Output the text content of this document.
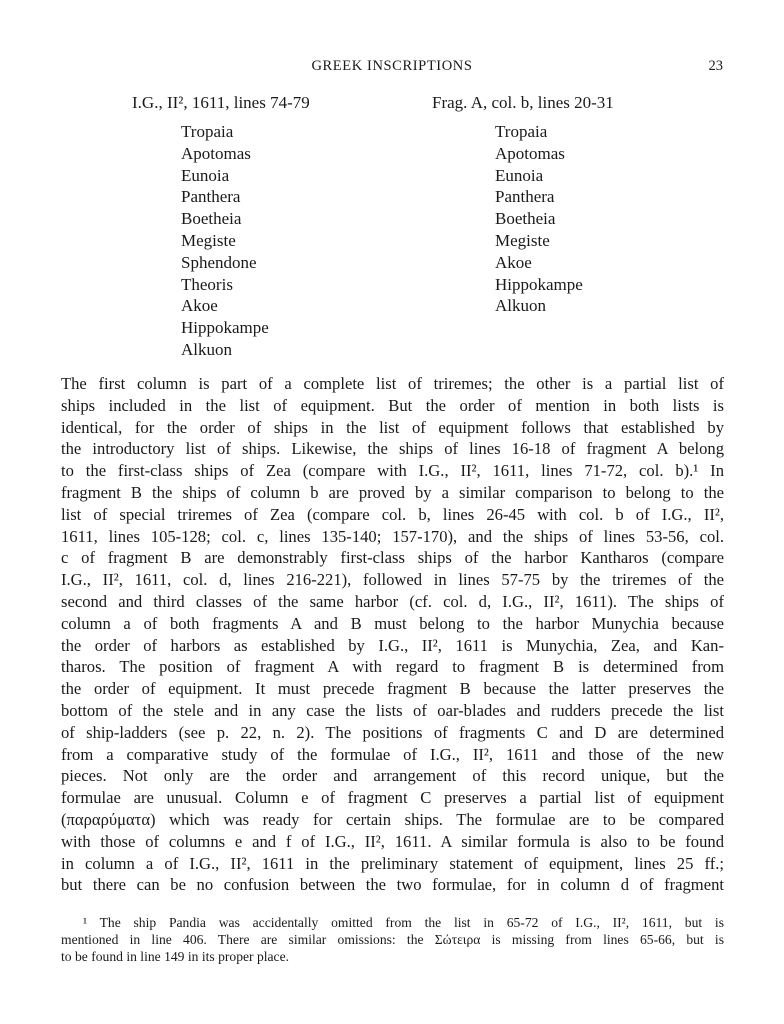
GREEK INSCRIPTIONS	23
I.G., II², 1611, lines 74-79	Frag. A, col. b, lines 20-31
Tropaia
Apotomas
Eunoia
Panthera
Boetheia
Megiste
Sphendone
Theoris
Akoe
Hippokampe
Alkuon
Tropaia
Apotomas
Eunoia
Panthera
Boetheia
Megiste
Akoe
Hippokampe
Alkuon

The first column is part of a complete list of triremes; the other is a partial list of
ships included in the list of equipment. But the order of mention in both lists is
identical, for the order of ships in the list of equipment follows that established by
the introductory list of ships. Likewise, the ships of lines 16-18 of fragment A belong
to the first-class ships of Zea (compare with I.G., II², 1611, lines 71-72, col. b).¹ In
fragment B the ships of column b are proved by a similar comparison to belong to the
list of special triremes of Zea (compare col. b, lines 26-45 with col. b of I.G., II²,
1611, lines 105-128; col. c, lines 135-140; 157-170), and the ships of lines 53-56, col.
c of fragment B are demonstrably first-class ships of the harbor Kantharos (compare
I.G., II², 1611, col. d, lines 216-221), followed in lines 57-75 by the triremes of the
second and third classes of the same harbor (cf. col. d, I.G., II², 1611). The ships of
column a of both fragments A and B must belong to the harbor Munychia because
the order of harbors as established by I.G., II², 1611 is Munychia, Zea, and Kan-
tharos. The position of fragment A with regard to fragment B is determined from
the order of equipment. It must precede fragment B because the latter preserves the
bottom of the stele and in any case the lists of oar-blades and rudders precede the list
of ship-ladders (see p. 22, n. 2). The positions of fragments C and D are determined
from a comparative study of the formulae of I.G., II², 1611 and those of the new
pieces. Not only are the order and arrangement of this record unique, but the
formulae are unusual. Column e of fragment C preserves a partial list of equipment
(παραρύματα) which was ready for certain ships. The formulae are to be compared
with those of columns e and f of I.G., II², 1611. A similar formula is also to be found
in column a of I.G., II², 1611 in the preliminary statement of equipment, lines 25 ff.;
but there can be no confusion between the two formulae, for in column d of fragment

¹ The ship Pandia was accidentally omitted from the list in 65-72 of I.G., II², 1611, but is
mentioned in line 406. There are similar omissions: the Σώτειρα is missing from lines 65-66, but is
to be found in line 149 in its proper place.
